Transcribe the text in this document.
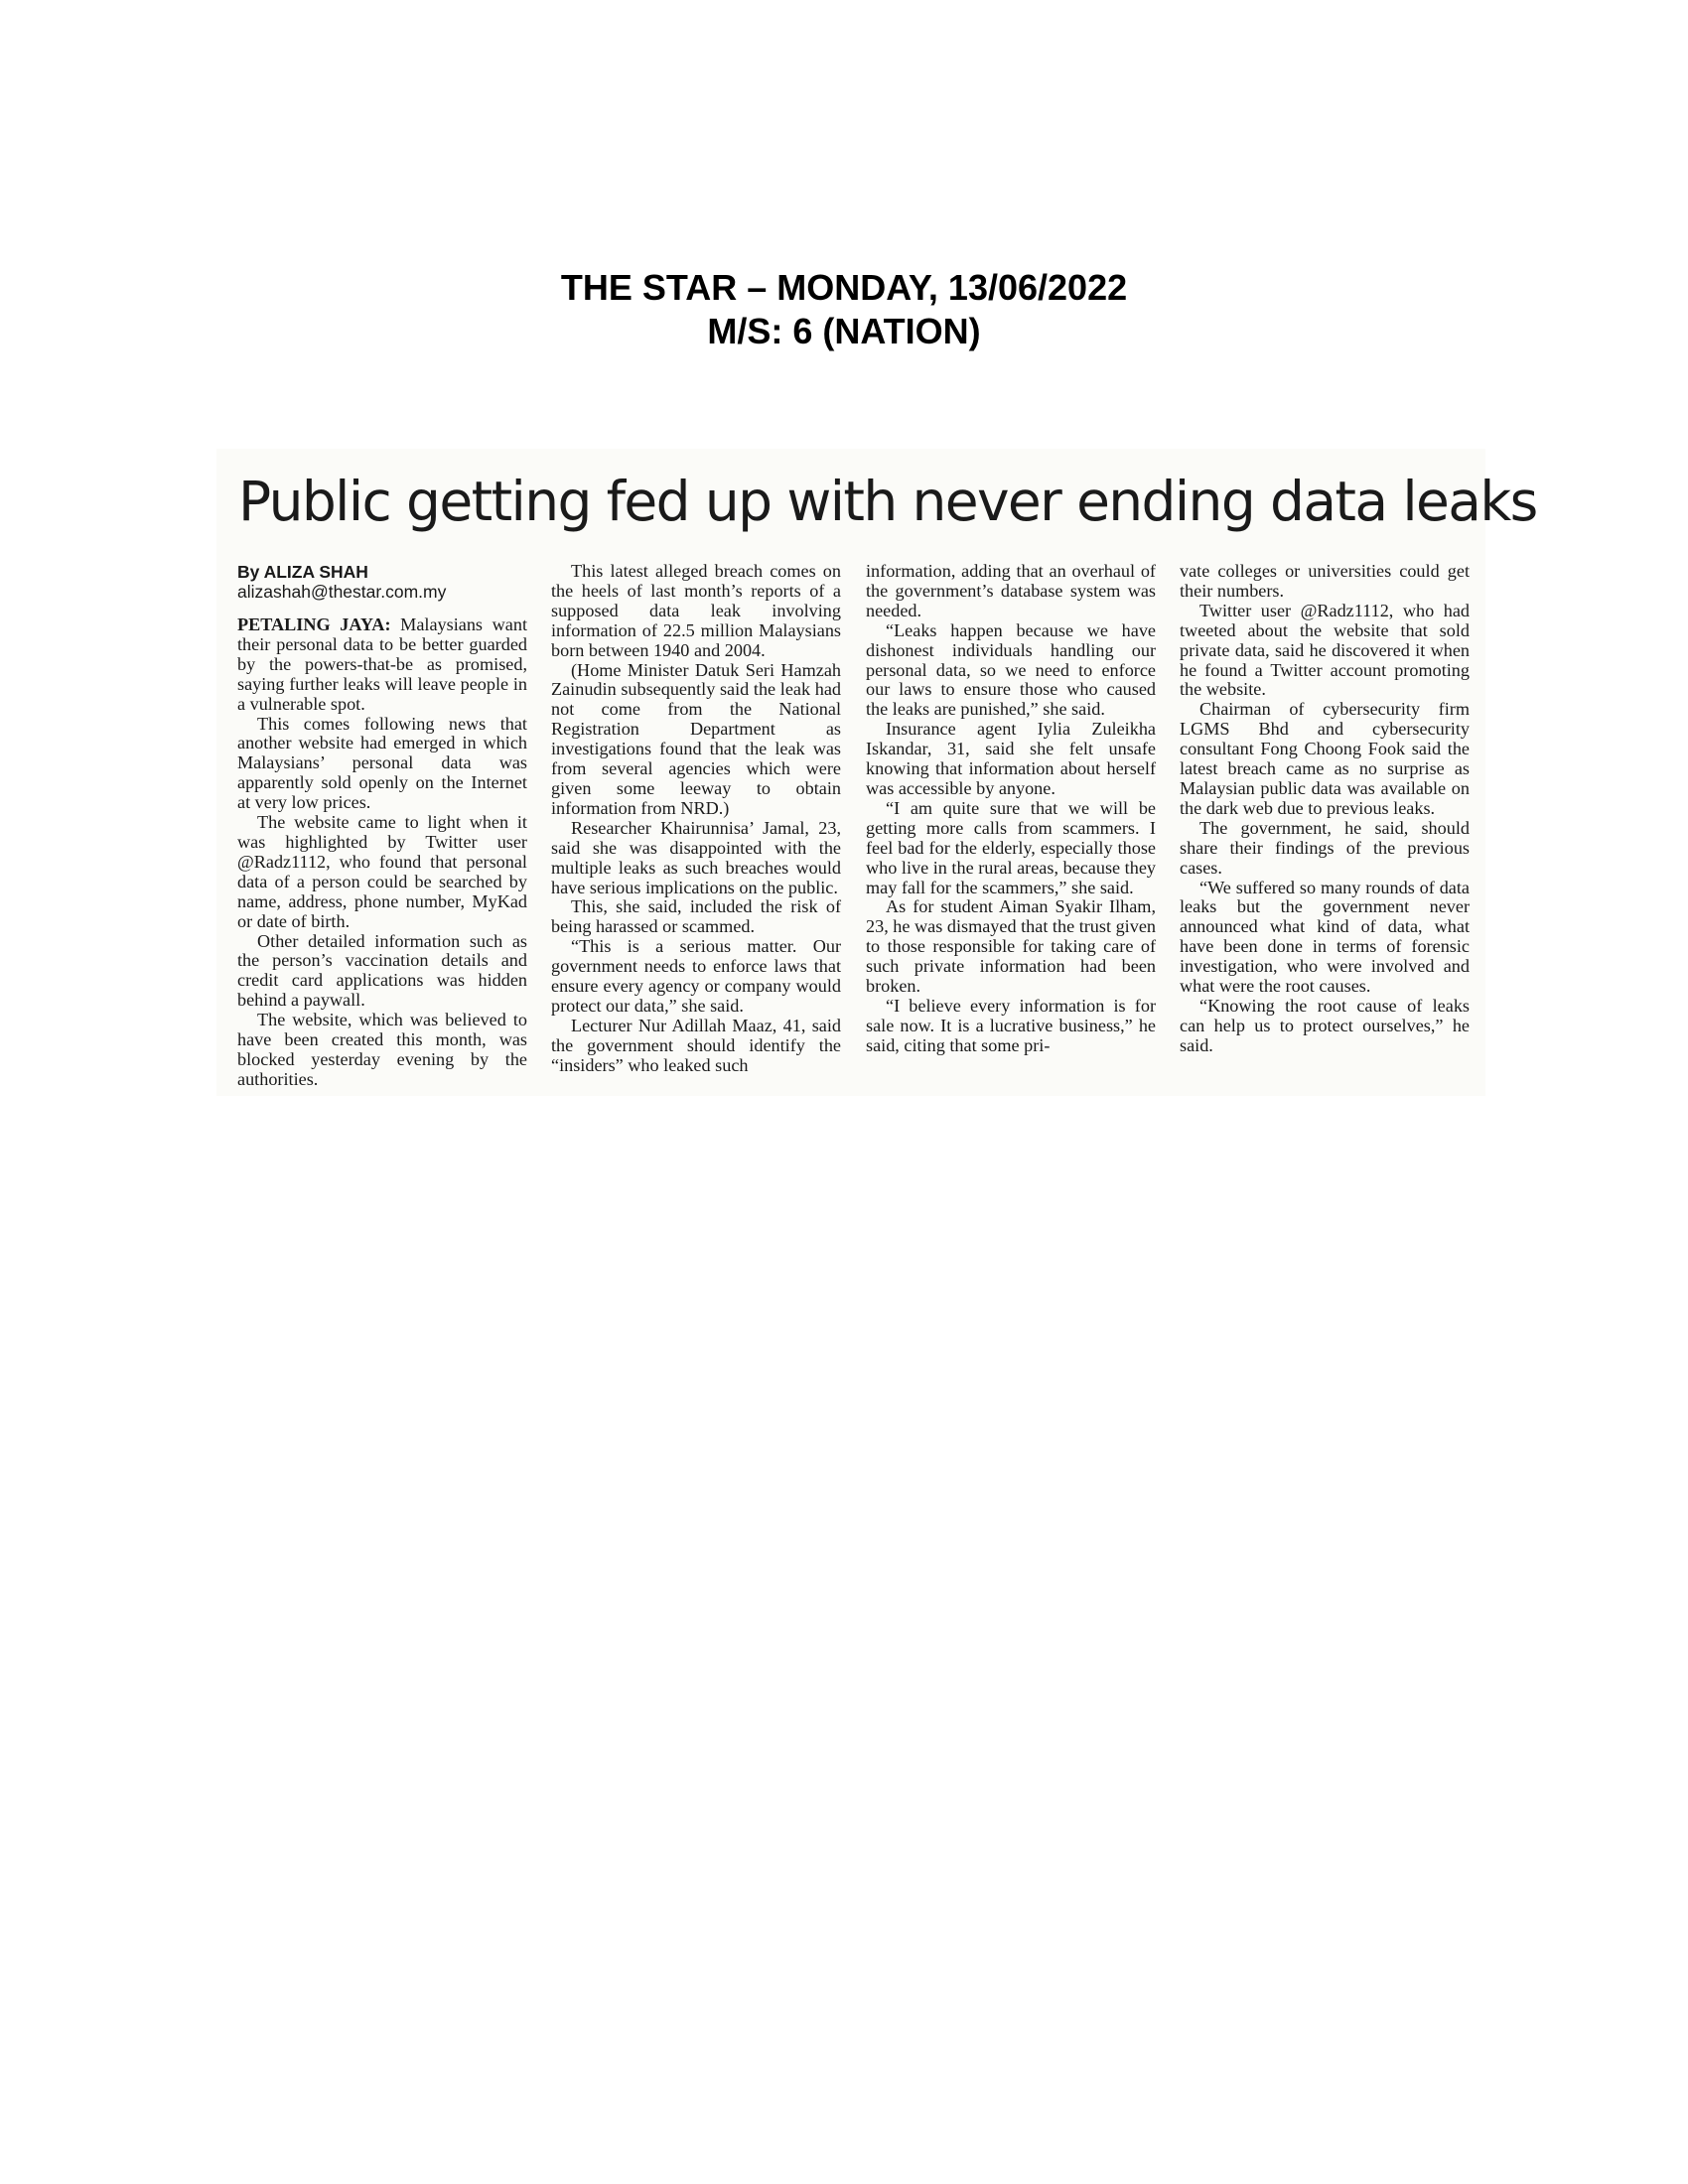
THE STAR – MONDAY, 13/06/2022
M/S: 6 (NATION)
Public getting fed up with never ending data leaks
By ALIZA SHAH
alizashah@thestar.com.my

PETALING JAYA: Malaysians want their personal data to be better guarded by the powers-that-be as promised, saying further leaks will leave people in a vulnerable spot.

This comes following news that another website had emerged in which Malaysians’ personal data was apparently sold openly on the Internet at very low prices.

The website came to light when it was highlighted by Twitter user @Radz1112, who found that personal data of a person could be searched by name, address, phone number, MyKad or date of birth.

Other detailed information such as the person’s vaccination details and credit card applications was hidden behind a paywall.

The website, which was believed to have been created this month, was blocked yesterday evening by the authorities.

This latest alleged breach comes on the heels of last month’s reports of a supposed data leak involving information of 22.5 million Malaysians born between 1940 and 2004.

(Home Minister Datuk Seri Hamzah Zainudin subsequently said the leak had not come from the National Registration Department as investigations found that the leak was from several agencies which were given some leeway to obtain information from NRD.)

Researcher Khairunnisa’ Jamal, 23, said she was disappointed with the multiple leaks as such breaches would have serious implications on the public.

This, she said, included the risk of being harassed or scammed.

“This is a serious matter. Our government needs to enforce laws that ensure every agency or company would protect our data,” she said.

Lecturer Nur Adillah Maaz, 41, said the government should identify the “insiders” who leaked such

information, adding that an overhaul of the government’s database system was needed.

“Leaks happen because we have dishonest individuals handling our personal data, so we need to enforce our laws to ensure those who caused the leaks are punished,” she said.

Insurance agent Iylia Zuleikha Iskandar, 31, said she felt unsafe knowing that information about herself was accessible by anyone.

“I am quite sure that we will be getting more calls from scammers. I feel bad for the elderly, especially those who live in the rural areas, because they may fall for the scammers,” she said.

As for student Aiman Syakir Ilham, 23, he was dismayed that the trust given to those responsible for taking care of such private information had been broken.

“I believe every information is for sale now. It is a lucrative business,” he said, citing that some pri-

vate colleges or universities could get their numbers.

Twitter user @Radz1112, who had tweeted about the website that sold private data, said he discovered it when he found a Twitter account promoting the website.

Chairman of cybersecurity firm LGMS Bhd and cybersecurity consultant Fong Choong Fook said the latest breach came as no surprise as Malaysian public data was available on the dark web due to previous leaks.

The government, he said, should share their findings of the previous cases.

“We suffered so many rounds of data leaks but the government never announced what kind of data, what have been done in terms of forensic investigation, who were involved and what were the root causes.

“Knowing the root cause of leaks can help us to protect ourselves,” he said.
